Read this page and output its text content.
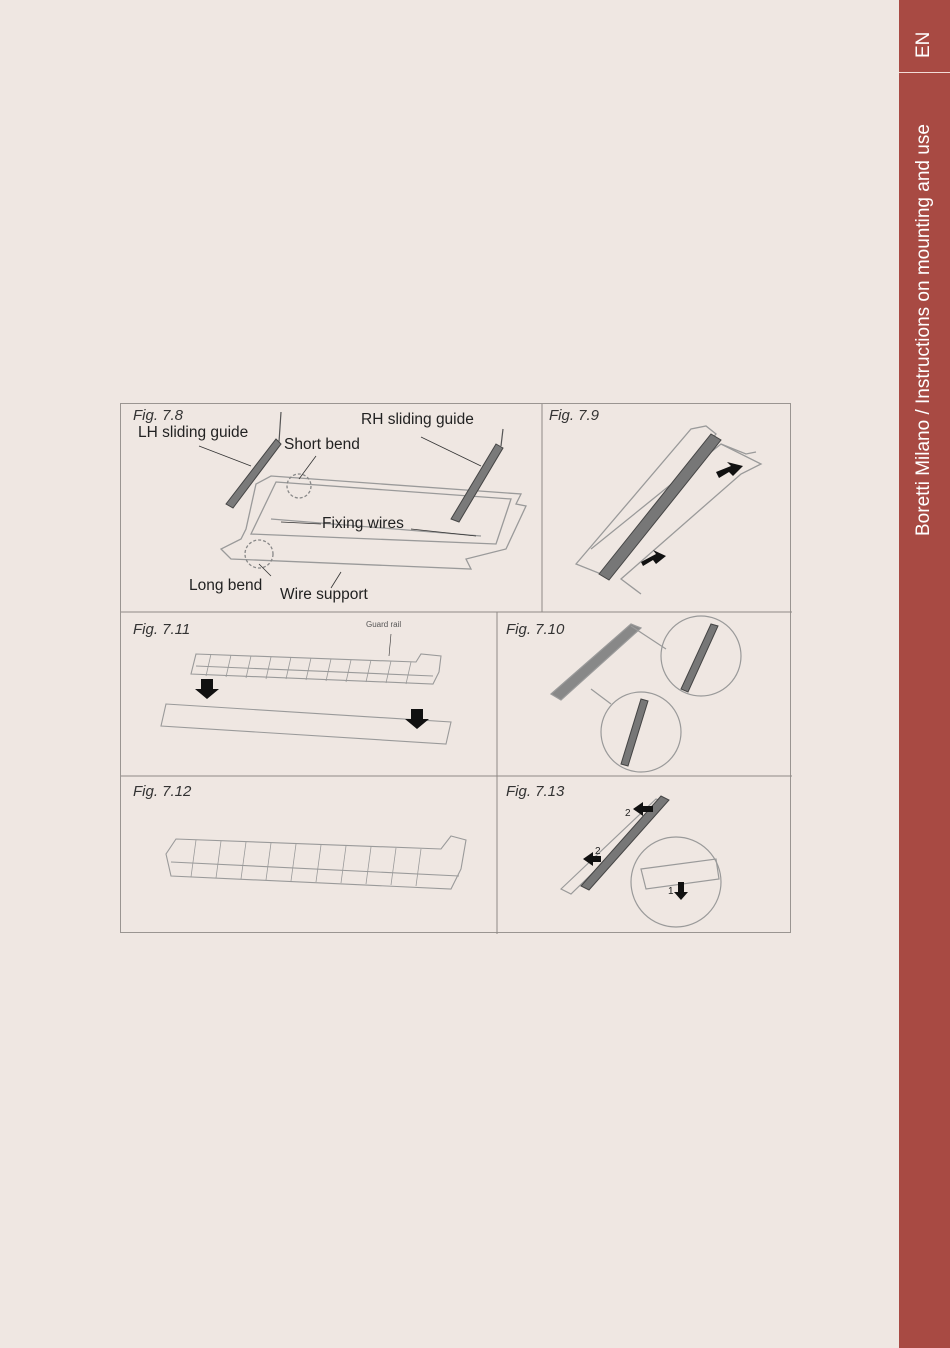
EN
Boretti Milano / Instructions on mounting and use
Fig. 7.8
LH sliding guide
RH sliding guide
Short bend
Fixing wires
Long bend
Wire support
Fig. 7.9
Fig. 7.11	Guard rail	Fig. 7.10
Fig. 7.12	Fig. 7.13
2
2
1
